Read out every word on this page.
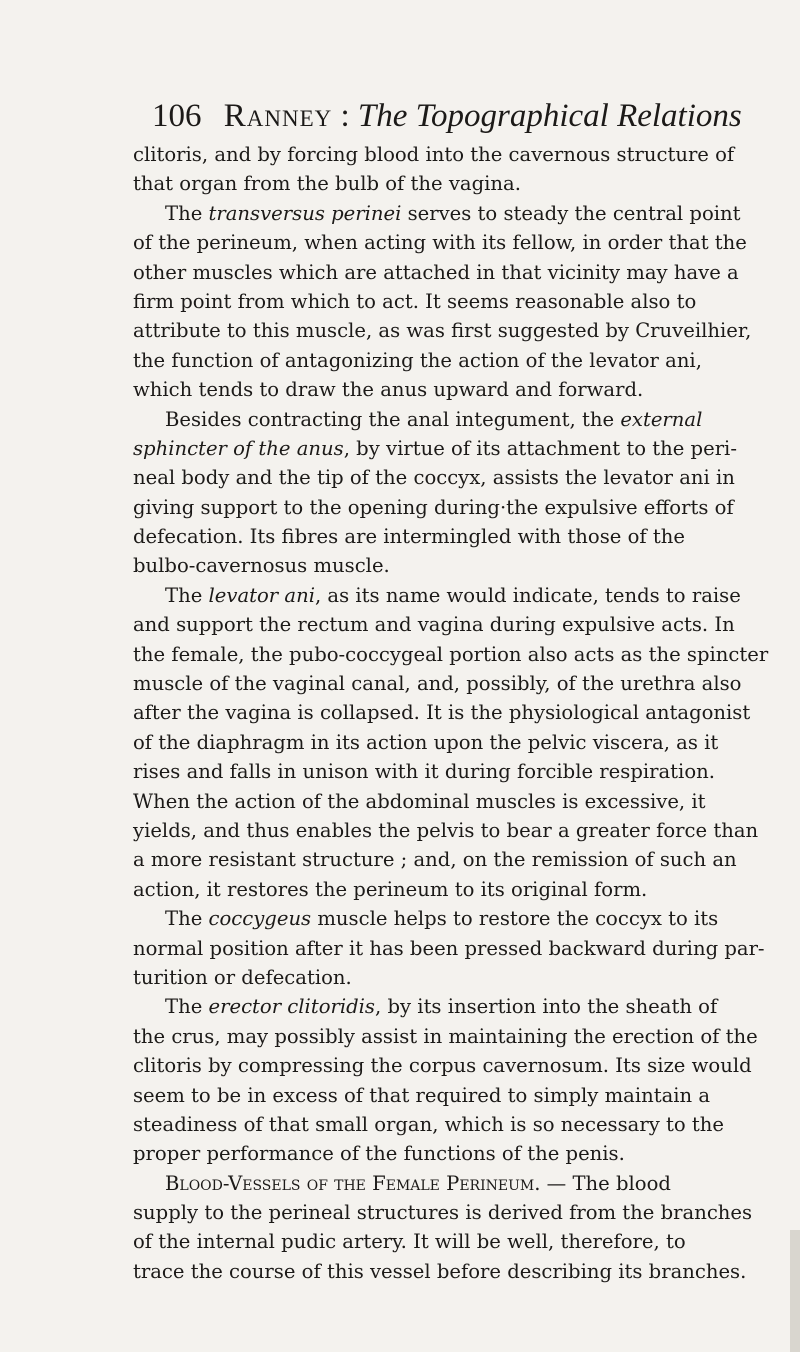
106 Ranney : The Topographical Relations
clitoris, and by forcing blood into the cavernous structure of
that organ from the bulb of the vagina.
The transversus perinei serves to steady the central point
of the perineum, when acting with its fellow, in order that the
other muscles which are attached in that vicinity may have a
firm point from which to act. It seems reasonable also to
attribute to this muscle, as was first suggested by Cruveilhier,
the function of antagonizing the action of the levator ani,
which tends to draw the anus upward and forward.
Besides contracting the anal integument, the external
sphincter of the anus, by virtue of its attachment to the peri-
neal body and the tip of the coccyx, assists the levator ani in
giving support to the opening during·the expulsive efforts of
defecation. Its fibres are intermingled with those of the
bulbo-cavernosus muscle.
The levator ani, as its name would indicate, tends to raise
and support the rectum and vagina during expulsive acts. In
the female, the pubo-coccygeal portion also acts as the spincter
muscle of the vaginal canal, and, possibly, of the urethra also
after the vagina is collapsed. It is the physiological antagonist
of the diaphragm in its action upon the pelvic viscera, as it
rises and falls in unison with it during forcible respiration.
When the action of the abdominal muscles is excessive, it
yields, and thus enables the pelvis to bear a greater force than
a more resistant structure ; and, on the remission of such an
action, it restores the perineum to its original form.
The coccygeus muscle helps to restore the coccyx to its
normal position after it has been pressed backward during par-
turition or defecation.
The erector clitoridis, by its insertion into the sheath of
the crus, may possibly assist in maintaining the erection of the
clitoris by compressing the corpus cavernosum. Its size would
seem to be in excess of that required to simply maintain a
steadiness of that small organ, which is so necessary to the
proper performance of the functions of the penis.
Blood-Vessels of the Female Perineum. — The blood
supply to the perineal structures is derived from the branches
of the internal pudic artery. It will be well, therefore, to
trace the course of this vessel before describing its branches.
